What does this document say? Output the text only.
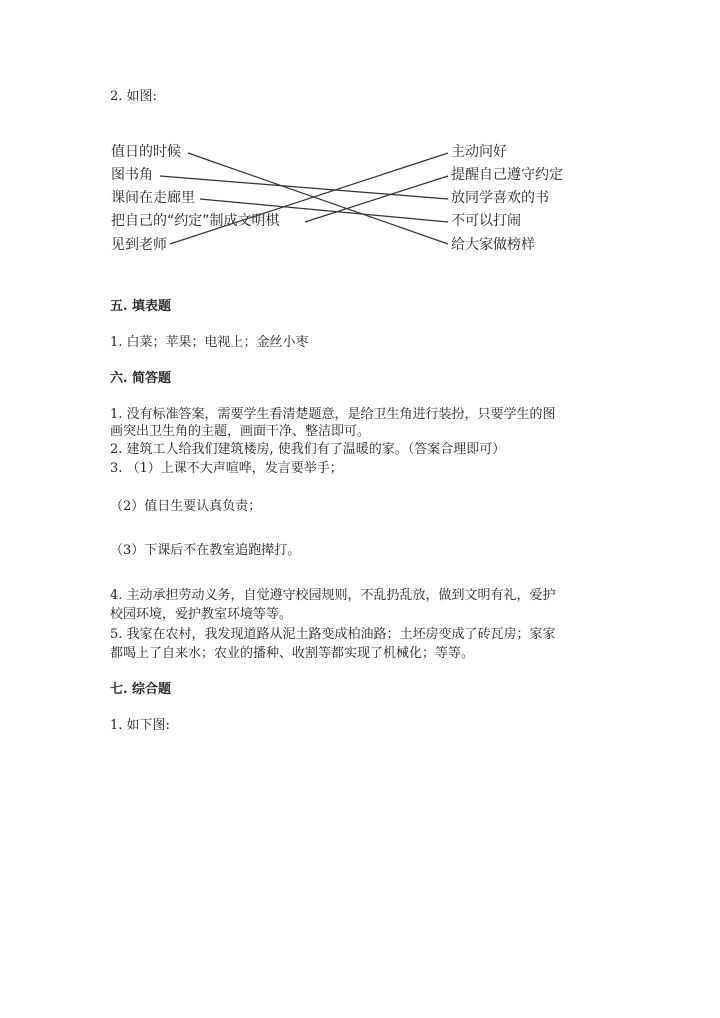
2. 如图:
值日的时候
图书角
课间在走廊里
把自己的“约定”制成文明棋
见到老师
主动问好
提醒自己遵守约定
放同学喜欢的书
不可以打闹
给大家做榜样
五. 填表题
1. 白菜；苹果；电视上；金丝小枣
六. 简答题
1. 没有标准答案，需要学生看清楚题意，是给卫生角进行装扮，只要学生的图
画突出卫生角的主题，画面干净、整洁即可。
2. 建筑工人给我们建筑楼房, 使我们有了温暖的家。（答案合理即可）
3. （1）上课不大声喧哗，发言要举手；
（2）值日生要认真负责；
（3）下课后不在教室追跑撵打。
4. 主动承担劳动义务，自觉遵守校园规则，不乱扔乱放，做到文明有礼，爱护
校园环境，爱护教室环境等等。
5. 我家在农村，我发现道路从泥土路变成柏油路；土坯房变成了砖瓦房；家家
都喝上了自来水；农业的播种、收割等都实现了机械化；等等。
七. 综合题
1. 如下图:
